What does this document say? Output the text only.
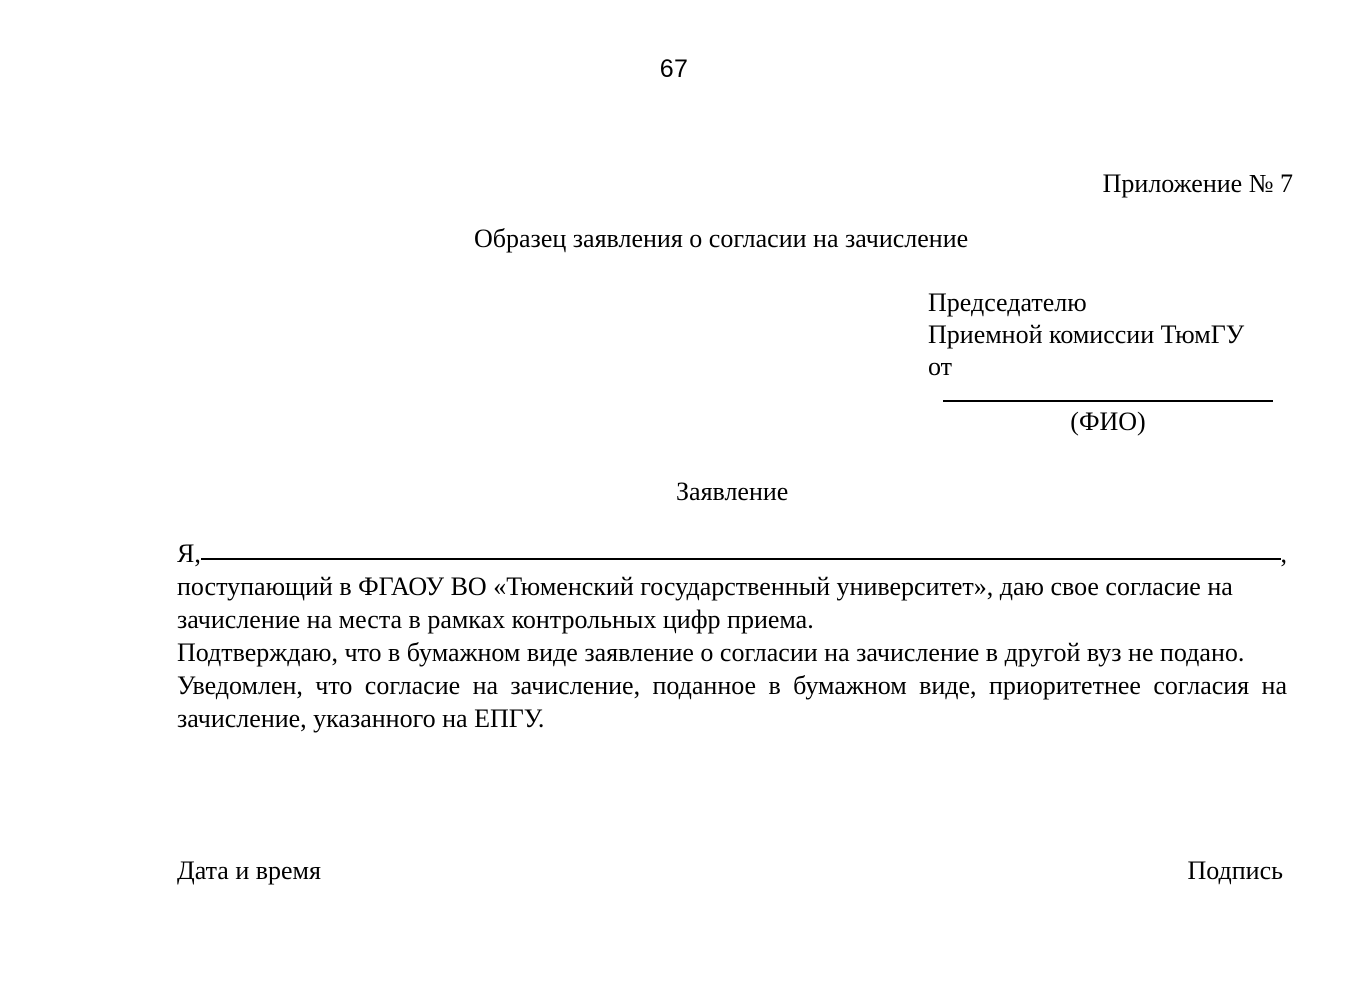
67
Приложение № 7
Образец заявления о согласии на зачисление
Председателю
Приемной комиссии ТюмГУ
от
(ФИО)
Заявление
Я,	,

поступающий в ФГАОУ ВО «Тюменский государственный университет», даю свое согласие на зачисление на места в рамках контрольных цифр приема.

Подтверждаю, что в бумажном виде заявление о согласии на зачисление в другой вуз не подано.

Уведомлен, что согласие на зачисление, поданное в бумажном виде, приоритетнее согласия на зачисление, указанного на ЕПГУ.

Дата и время	Подпись
